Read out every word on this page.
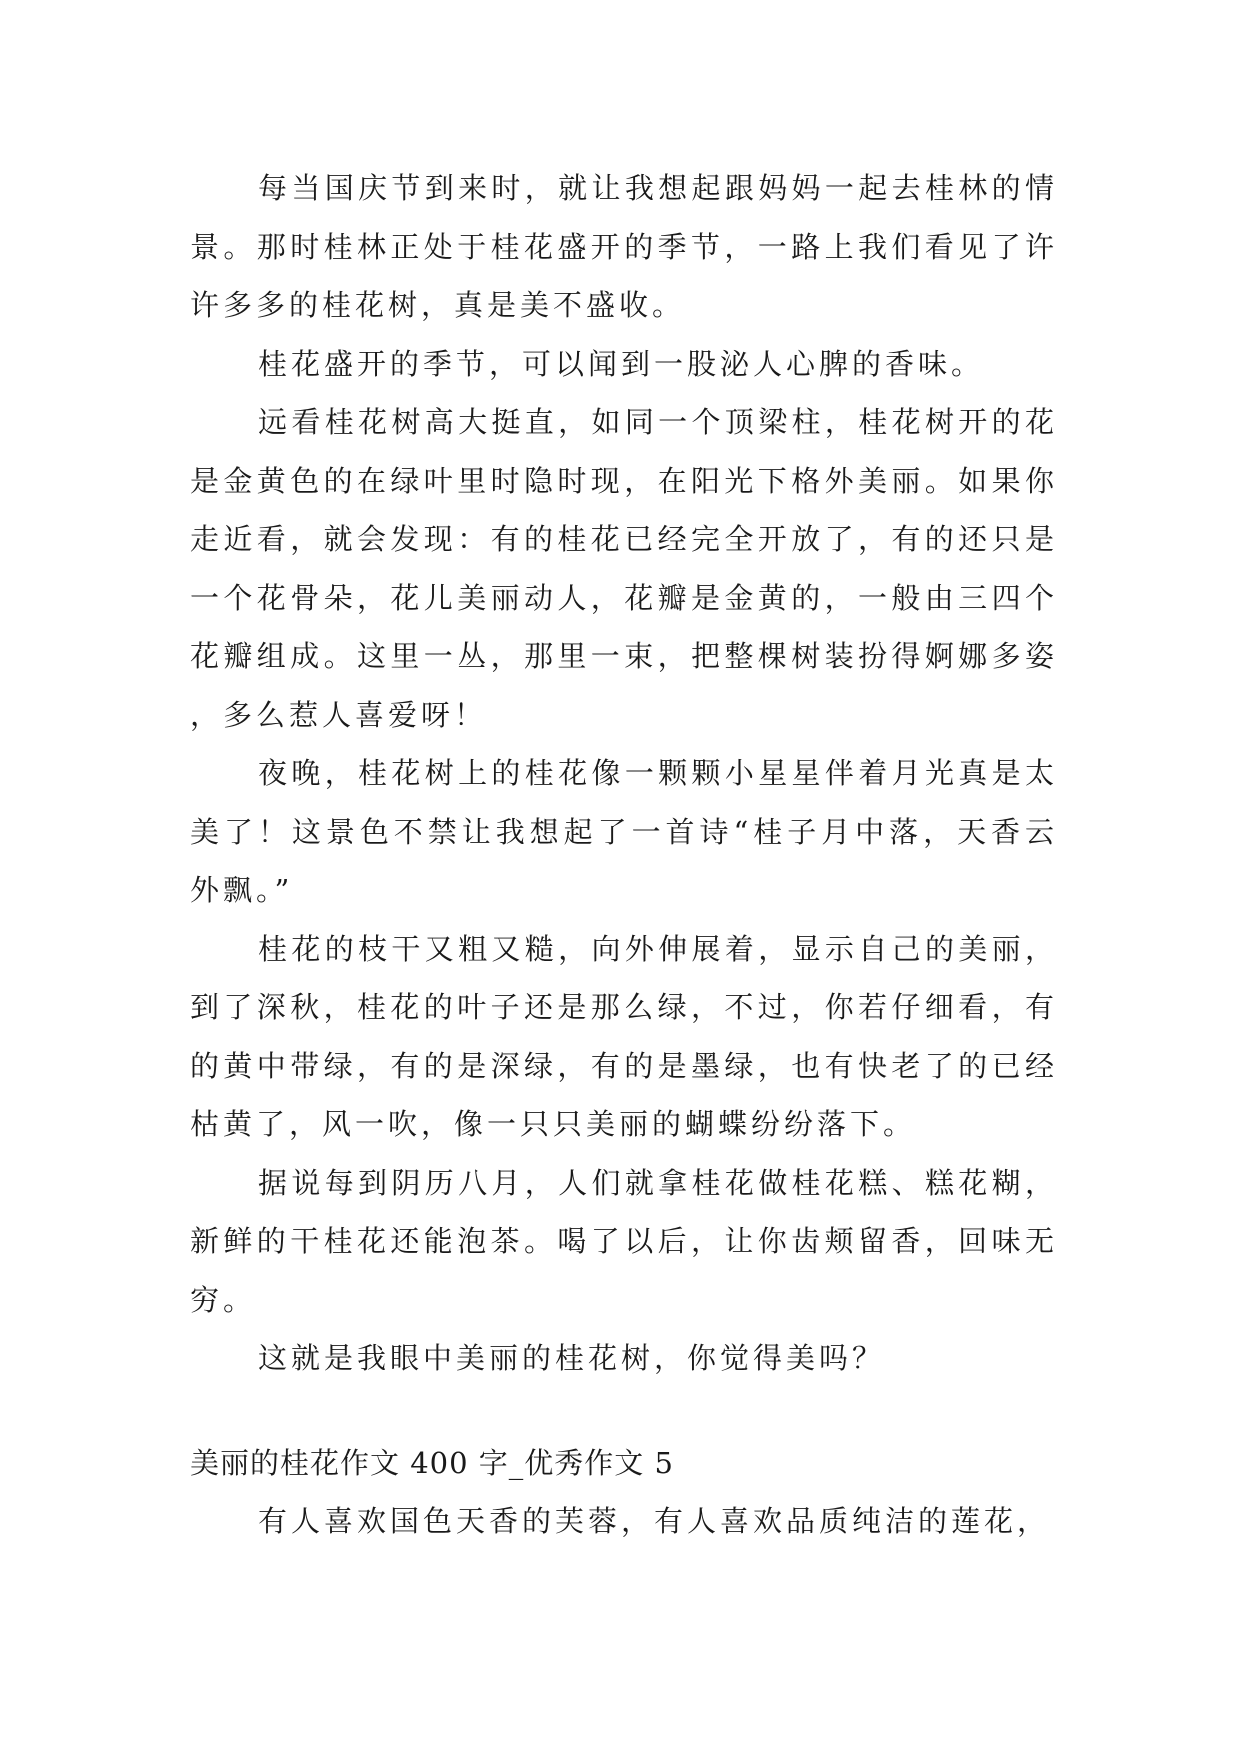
每当国庆节到来时，就让我想起跟妈妈一起去桂林的情景。那时桂林正处于桂花盛开的季节，一路上我们看见了许许多多的桂花树，真是美不盛收。

桂花盛开的季节，可以闻到一股泌人心脾的香味。

远看桂花树高大挺直，如同一个顶梁柱，桂花树开的花是金黄色的在绿叶里时隐时现，在阳光下格外美丽。如果你走近看，就会发现：有的桂花已经完全开放了，有的还只是一个花骨朵，花儿美丽动人，花瓣是金黄的，一般由三四个花瓣组成。这里一丛，那里一束，把整棵树装扮得婀娜多姿，多么惹人喜爱呀！

夜晚，桂花树上的桂花像一颗颗小星星伴着月光真是太美了！这景色不禁让我想起了一首诗“桂子月中落，天香云外飘。”

桂花的枝干又粗又糙，向外伸展着，显示自己的美丽，到了深秋，桂花的叶子还是那么绿，不过，你若仔细看，有的黄中带绿，有的是深绿，有的是墨绿，也有快老了的已经枯黄了，风一吹，像一只只美丽的蝴蝶纷纷落下。

据说每到阴历八月，人们就拿桂花做桂花糕、糕花糊，新鲜的干桂花还能泡茶。喝了以后，让你齿颊留香，回味无穷。

这就是我眼中美丽的桂花树，你觉得美吗？

美丽的桂花作文 400 字_优秀作文 5

有人喜欢国色天香的芙蓉，有人喜欢品质纯洁的莲花，
